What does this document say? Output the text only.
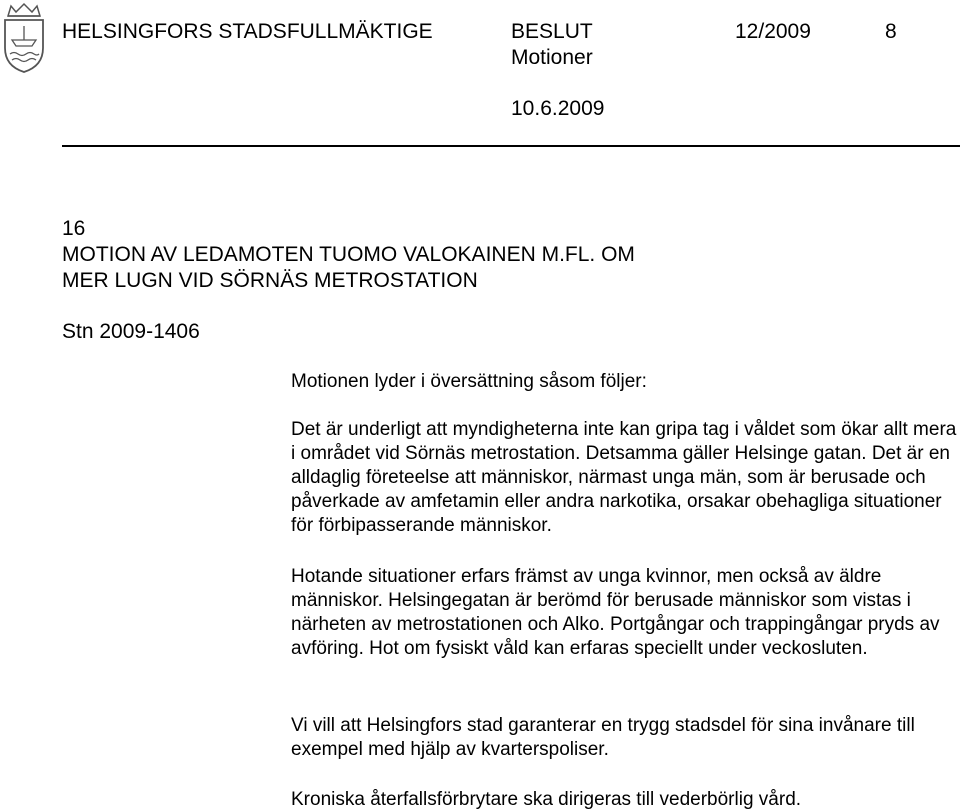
HELSINGFORS STADSFULLMÄKTIGE	BESLUT
Motioner
12/2009	8
10.6.2009
16
MOTION AV LEDAMOTEN TUOMO VALOKAINEN M.FL. OM
MER LUGN VID SÖRNÄS METROSTATION
Stn 2009-1406
Motionen lyder i översättning såsom följer:
Det är underligt att myndigheterna inte kan gripa tag i våldet som ökar allt mera i området vid Sörnäs metrostation. Detsamma gäller Helsinge gatan. Det är en alldaglig företeelse att människor, närmast unga män, som är berusade och påverkade av amfetamin eller andra narkotika, orsakar obehagliga situationer för förbipasserande människor.
Hotande situationer erfars främst av unga kvinnor, men också av äldre människor. Helsingegatan är berömd för berusade människor som vistas i närheten av metrostationen och Alko. Portgångar och trappingångar pryds av avföring. Hot om fysiskt våld kan erfaras speciellt under veckosluten.
Vi vill att Helsingfors stad garanterar en trygg stadsdel för sina invånare till exempel med hjälp av kvarterspoliser.
Kroniska återfallsförbrytare ska dirigeras till vederbörlig vård.
